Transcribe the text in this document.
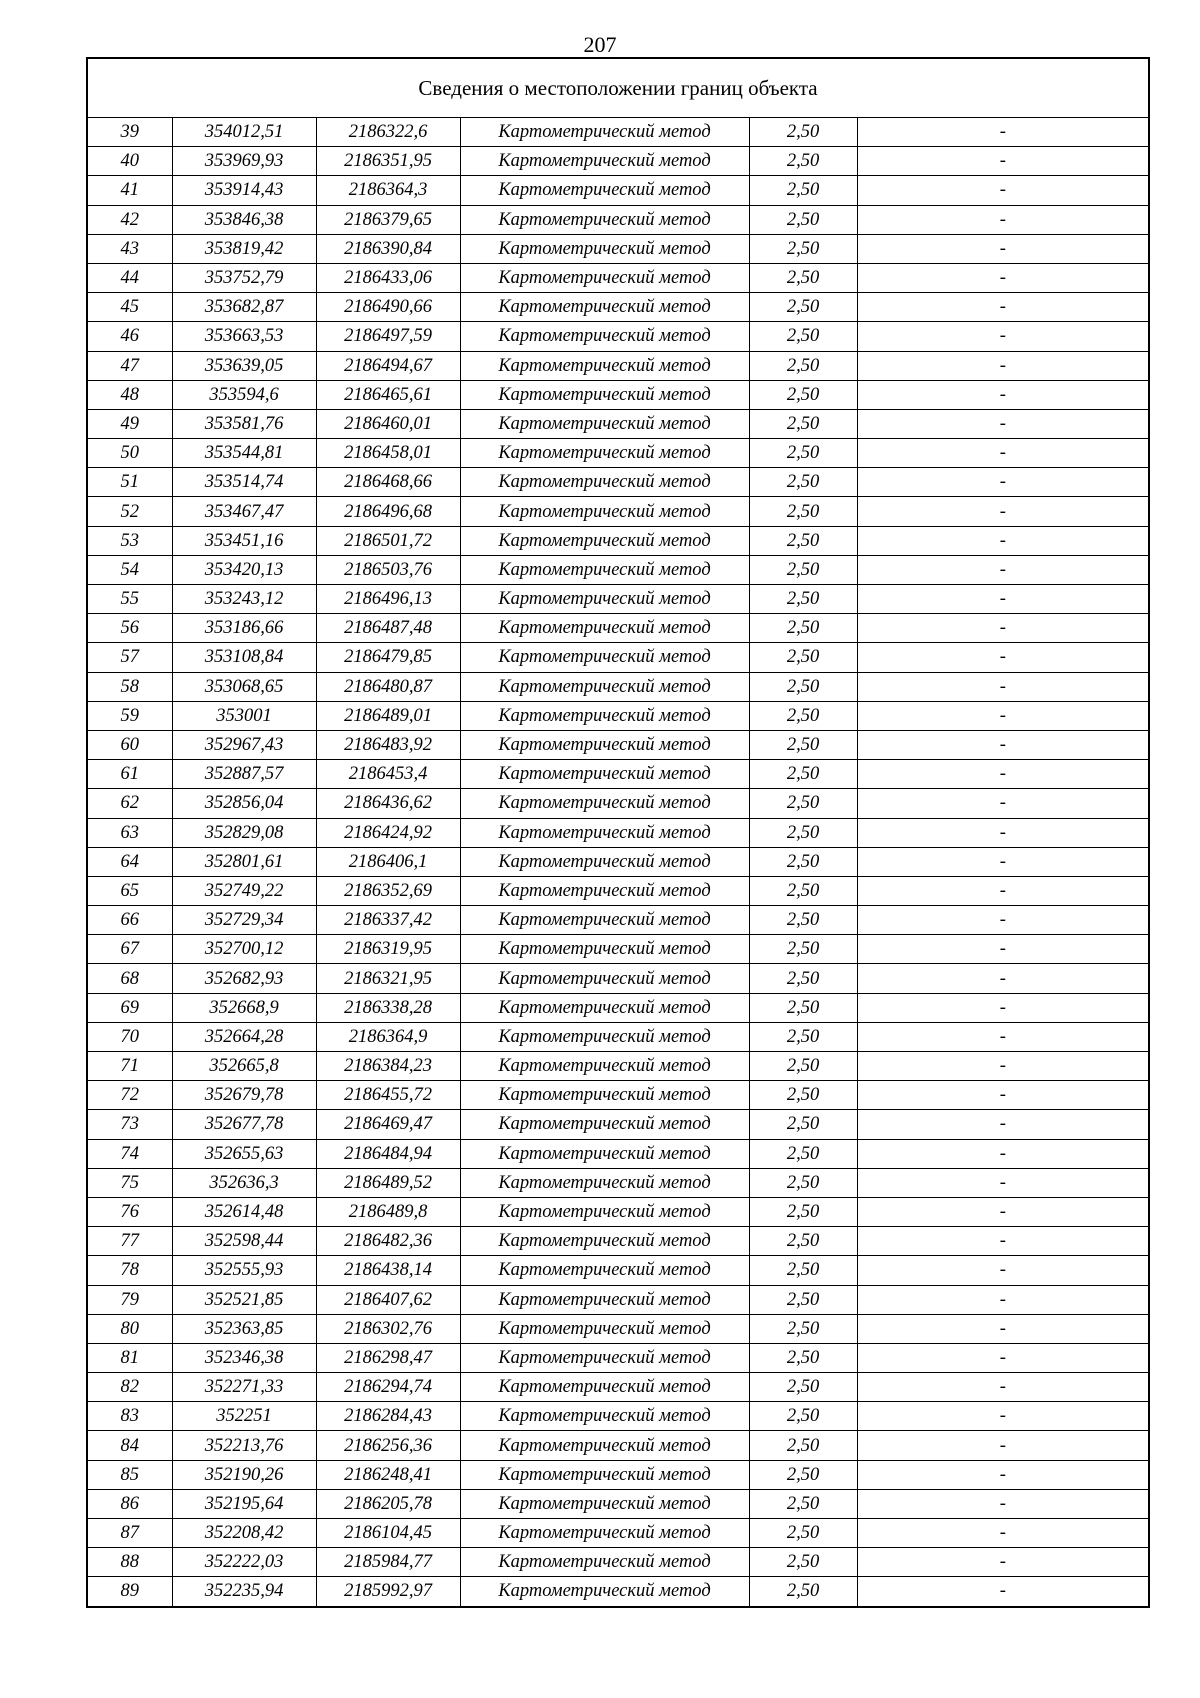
207
Сведения о местоположении границ объекта					
39	354012,51	2186322,6	Картометрический метод	2,50	-
40	353969,93	2186351,95	Картометрический метод	2,50	-
41	353914,43	2186364,3	Картометрический метод	2,50	-
42	353846,38	2186379,65	Картометрический метод	2,50	-
43	353819,42	2186390,84	Картометрический метод	2,50	-
44	353752,79	2186433,06	Картометрический метод	2,50	-
45	353682,87	2186490,66	Картометрический метод	2,50	-
46	353663,53	2186497,59	Картометрический метод	2,50	-
47	353639,05	2186494,67	Картометрический метод	2,50	-
48	353594,6	2186465,61	Картометрический метод	2,50	-
49	353581,76	2186460,01	Картометрический метод	2,50	-
50	353544,81	2186458,01	Картометрический метод	2,50	-
51	353514,74	2186468,66	Картометрический метод	2,50	-
52	353467,47	2186496,68	Картометрический метод	2,50	-
53	353451,16	2186501,72	Картометрический метод	2,50	-
54	353420,13	2186503,76	Картометрический метод	2,50	-
55	353243,12	2186496,13	Картометрический метод	2,50	-
56	353186,66	2186487,48	Картометрический метод	2,50	-
57	353108,84	2186479,85	Картометрический метод	2,50	-
58	353068,65	2186480,87	Картометрический метод	2,50	-
59	353001	2186489,01	Картометрический метод	2,50	-
60	352967,43	2186483,92	Картометрический метод	2,50	-
61	352887,57	2186453,4	Картометрический метод	2,50	-
62	352856,04	2186436,62	Картометрический метод	2,50	-
63	352829,08	2186424,92	Картометрический метод	2,50	-
64	352801,61	2186406,1	Картометрический метод	2,50	-
65	352749,22	2186352,69	Картометрический метод	2,50	-
66	352729,34	2186337,42	Картометрический метод	2,50	-
67	352700,12	2186319,95	Картометрический метод	2,50	-
68	352682,93	2186321,95	Картометрический метод	2,50	-
69	352668,9	2186338,28	Картометрический метод	2,50	-
70	352664,28	2186364,9	Картометрический метод	2,50	-
71	352665,8	2186384,23	Картометрический метод	2,50	-
72	352679,78	2186455,72	Картометрический метод	2,50	-
73	352677,78	2186469,47	Картометрический метод	2,50	-
74	352655,63	2186484,94	Картометрический метод	2,50	-
75	352636,3	2186489,52	Картометрический метод	2,50	-
76	352614,48	2186489,8	Картометрический метод	2,50	-
77	352598,44	2186482,36	Картометрический метод	2,50	-
78	352555,93	2186438,14	Картометрический метод	2,50	-
79	352521,85	2186407,62	Картометрический метод	2,50	-
80	352363,85	2186302,76	Картометрический метод	2,50	-
81	352346,38	2186298,47	Картометрический метод	2,50	-
82	352271,33	2186294,74	Картометрический метод	2,50	-
83	352251	2186284,43	Картометрический метод	2,50	-
84	352213,76	2186256,36	Картометрический метод	2,50	-
85	352190,26	2186248,41	Картометрический метод	2,50	-
86	352195,64	2186205,78	Картометрический метод	2,50	-
87	352208,42	2186104,45	Картометрический метод	2,50	-
88	352222,03	2185984,77	Картометрический метод	2,50	-
89	352235,94	2185992,97	Картометрический метод	2,50	-
